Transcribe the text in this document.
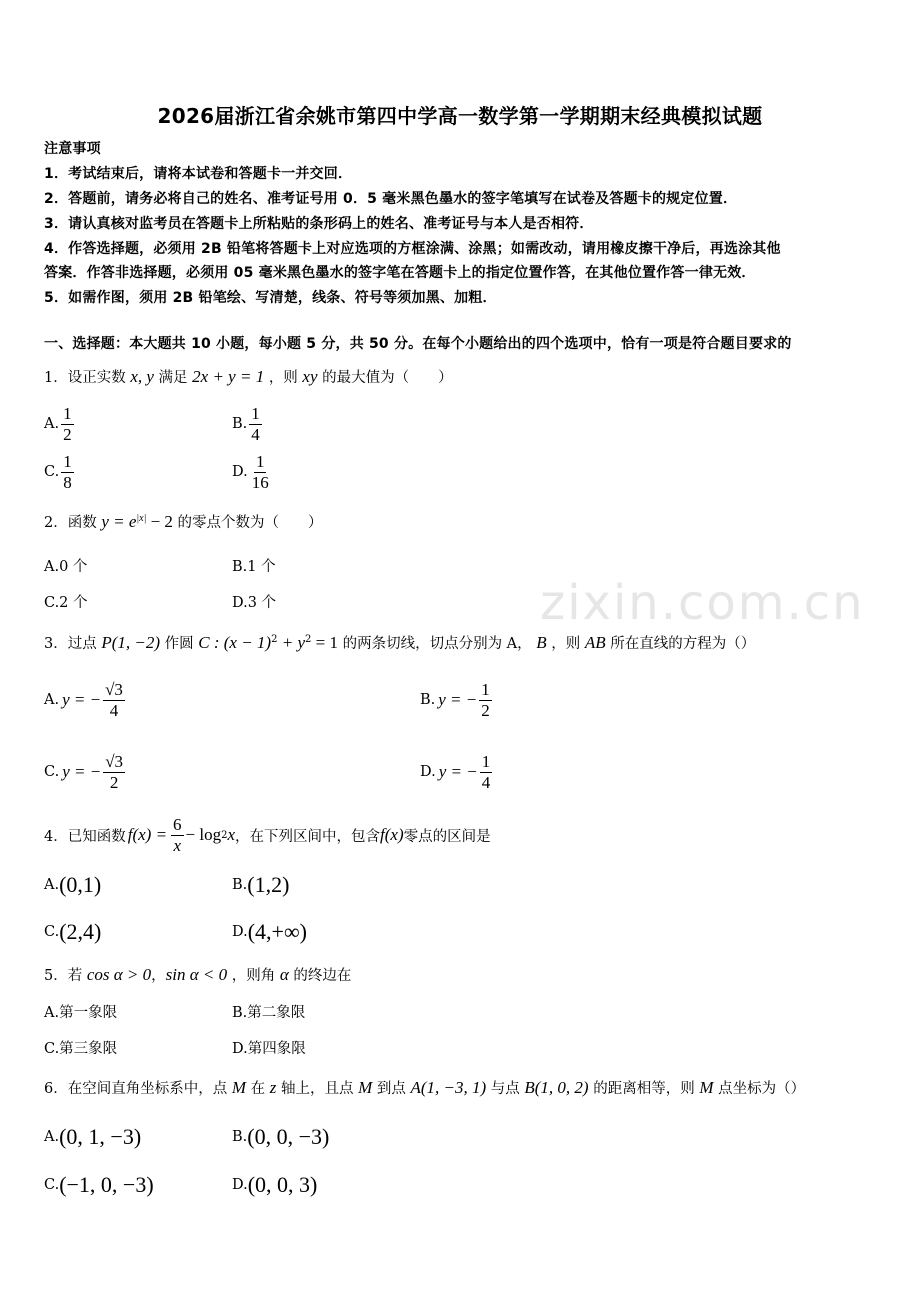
zixin.com.cn
2026届浙江省余姚市第四中学高一数学第一学期期末经典模拟试题
注意事项
1．考试结束后，请将本试卷和答题卡一并交回．
2．答题前，请务必将自己的姓名、准考证号用 0．5 毫米黑色墨水的签字笔填写在试卷及答题卡的规定位置．
3．请认真核对监考员在答题卡上所粘贴的条形码上的姓名、准考证号与本人是否相符．
4．作答选择题，必须用 2B 铅笔将答题卡上对应选项的方框涂满、涂黑；如需改动，请用橡皮擦干净后，再选涂其他
答案．作答非选择题，必须用 05 毫米黑色墨水的签字笔在答题卡上的指定位置作答，在其他位置作答一律无效．
5．如需作图，须用 2B 铅笔绘、写清楚，线条、符号等须加黑、加粗．
一、选择题：本大题共 10 小题，每小题 5 分，共 50 分。在每个小题给出的四个选项中，恰有一项是符合题目要求的
1．设正实数 x, y 满足 2x + y = 1 ，则 xy 的最大值为（　　）
A. $\frac{1}{2}$	B. $\frac{1}{4}$
C. $\frac{1}{8}$	D. $\frac{1}{16}$
2．函数 $y = e^{|x|} - 2$ 的零点个数为（　　）
A.0 个	B.1 个
C.2 个	D.3 个
3．过点 P(1, −2) 作圆 C : $(x - 1)^2 + y^2 = 1$ 的两条切线，切点分别为 A， B ，则 AB 所在直线的方程为（）
A. y = − $\frac{√3}{4}$	B. y = − $\frac{1}{2}$
C. y = − $\frac{√3}{2}$	D. y = − $\frac{1}{4}$
4．已知函数 $f(x) = \frac{6}{x} - \log 2$ x ，在下列区间中，包含 f(x) 零点的区间是
A. (0,1)	B. (1,2)
C. (2,4)	D. (4,+∞)
5．若 cos α > 0，sin α < 0 ，则角 α 的终边在
A.第一象限	B.第二象限
C.第三象限	D.第四象限
6．在空间直角坐标系中，点 M 在 z 轴上，且点 M 到点 A(1, −3, 1) 与点 B(1, 0, 2) 的距离相等，则 M 点坐标为（）
A. (0, 1, −3)	B. (0, 0, −3)
C. (−1, 0, −3)	D. (0, 0, 3)
